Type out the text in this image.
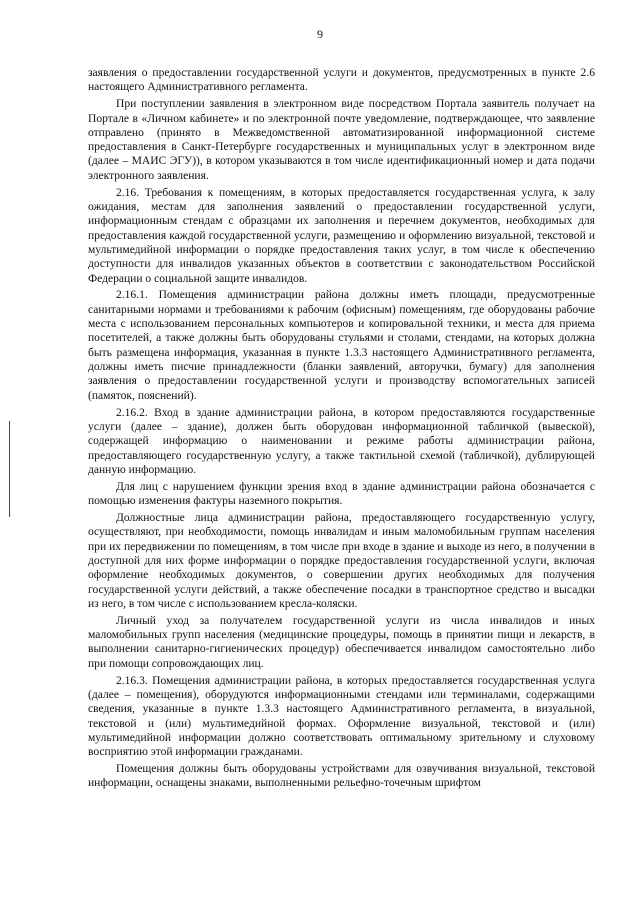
9

заявления о предоставлении государственной услуги и документов, предусмотренных в пункте 2.6 настоящего Административного регламента.

При поступлении заявления в электронном виде посредством Портала заявитель получает на Портале в «Личном кабинете» и по электронной почте уведомление, подтверждающее, что заявление отправлено (принято в Межведомственной автоматизированной информационной системе предоставления в Санкт-Петербурге государственных и муниципальных услуг в электронном виде (далее – МАИС ЭГУ)), в котором указываются в том числе идентификационный номер и дата подачи электронного заявления.

2.16. Требования к помещениям, в которых предоставляется государственная услуга, к залу ожидания, местам для заполнения заявлений о предоставлении государственной услуги, информационным стендам с образцами их заполнения и перечнем документов, необходимых для предоставления каждой государственной услуги, размещению и оформлению визуальной, текстовой и мультимедийной информации о порядке предоставления таких услуг, в том числе к обеспечению доступности для инвалидов указанных объектов в соответствии с законодательством Российской Федерации о социальной защите инвалидов.

2.16.1. Помещения администрации района должны иметь площади, предусмотренные санитарными нормами и требованиями к рабочим (офисным) помещениям, где оборудованы рабочие места с использованием персональных компьютеров и копировальной техники, и места для приема посетителей, а также должны быть оборудованы стульями и столами, стендами, на которых должна быть размещена информация, указанная в пункте 1.3.3 настоящего Административного регламента, должны иметь писчие принадлежности (бланки заявлений, авторучки, бумагу) для заполнения заявления о предоставлении государственной услуги и производству вспомогательных записей (памяток, пояснений).

2.16.2. Вход в здание администрации района, в котором предоставляются государственные услуги (далее – здание), должен быть оборудован информационной табличкой (вывеской), содержащей информацию о наименовании и режиме работы администрации района, предоставляющего государственную услугу, а также тактильной схемой (табличкой), дублирующей данную информацию.

Для лиц с нарушением функции зрения вход в здание администрации района обозначается с помощью изменения фактуры наземного покрытия.

Должностные лица администрации района, предоставляющего государственную услугу, осуществляют, при необходимости, помощь инвалидам и иным маломобильным группам населения при их передвижении по помещениям, в том числе при входе в здание и выходе из него, в получении в доступной для них форме информации о порядке предоставления государственной услуги, включая оформление необходимых документов, о совершении других необходимых для получения государственной услуги действий, а также обеспечение посадки в транспортное средство и высадки из него, в том числе с использованием кресла-коляски.

Личный уход за получателем государственной услуги из числа инвалидов и иных маломобильных групп населения (медицинские процедуры, помощь в принятии пищи и лекарств, в выполнении санитарно-гигиенических процедур) обеспечивается инвалидом самостоятельно либо при помощи сопровождающих лиц.

2.16.3. Помещения администрации района, в которых предоставляется государственная услуга (далее – помещения), оборудуются информационными стендами или терминалами, содержащими сведения, указанные в пункте 1.3.3 настоящего Административного регламента, в визуальной, текстовой и (или) мультимедийной формах. Оформление визуальной, текстовой и (или) мультимедийной информации должно соответствовать оптимальному зрительному и слуховому восприятию этой информации гражданами.

Помещения должны быть оборудованы устройствами для озвучивания визуальной, текстовой информации, оснащены знаками, выполненными рельефно-точечным шрифтом
